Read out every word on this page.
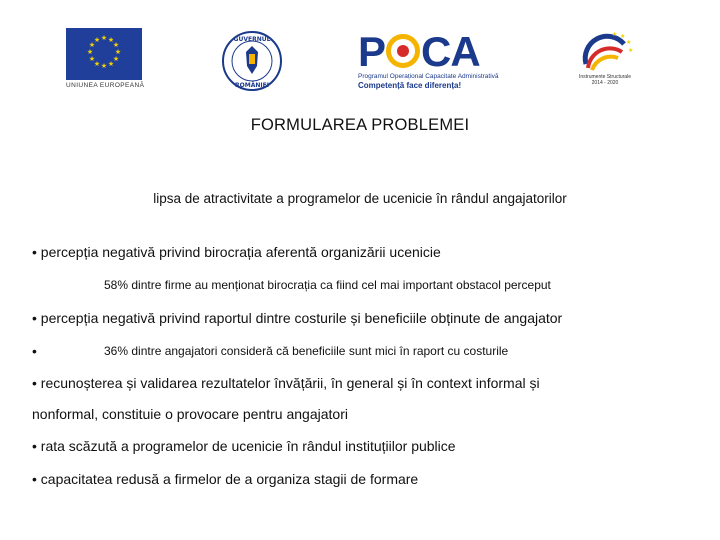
★ ★
★
★
★
★
★
★
★
★
★
★
UNIUNEA EUROPEANĂ
GUVERNUL
ROMÂNIEI
P CA
Programul Operațional Capacitate Administrativă
Competență face diferența!
★ ★
★
★
Instrumente Structurale
2014 - 2020
FORMULAREA PROBLEMEI
lipsa de atractivitate a programelor de ucenicie în rândul angajatorilor
• percepția negativă privind birocrația aferentă organizării ucenicie
58% dintre firme au menționat birocrația ca fiind cel mai important obstacol perceput
• percepția negativă privind raportul dintre costurile și beneficiile obținute de angajator
•	36% dintre angajatori consideră că beneficiile sunt mici în raport cu costurile
• recunoșterea și validarea rezultatelor învățării, în general și în context informal și
nonformal, constituie o provocare pentru angajatori
• rata scăzută a programelor de ucenicie în rândul instituțiilor publice
• capacitatea redusă a firmelor de a organiza stagii de formare
